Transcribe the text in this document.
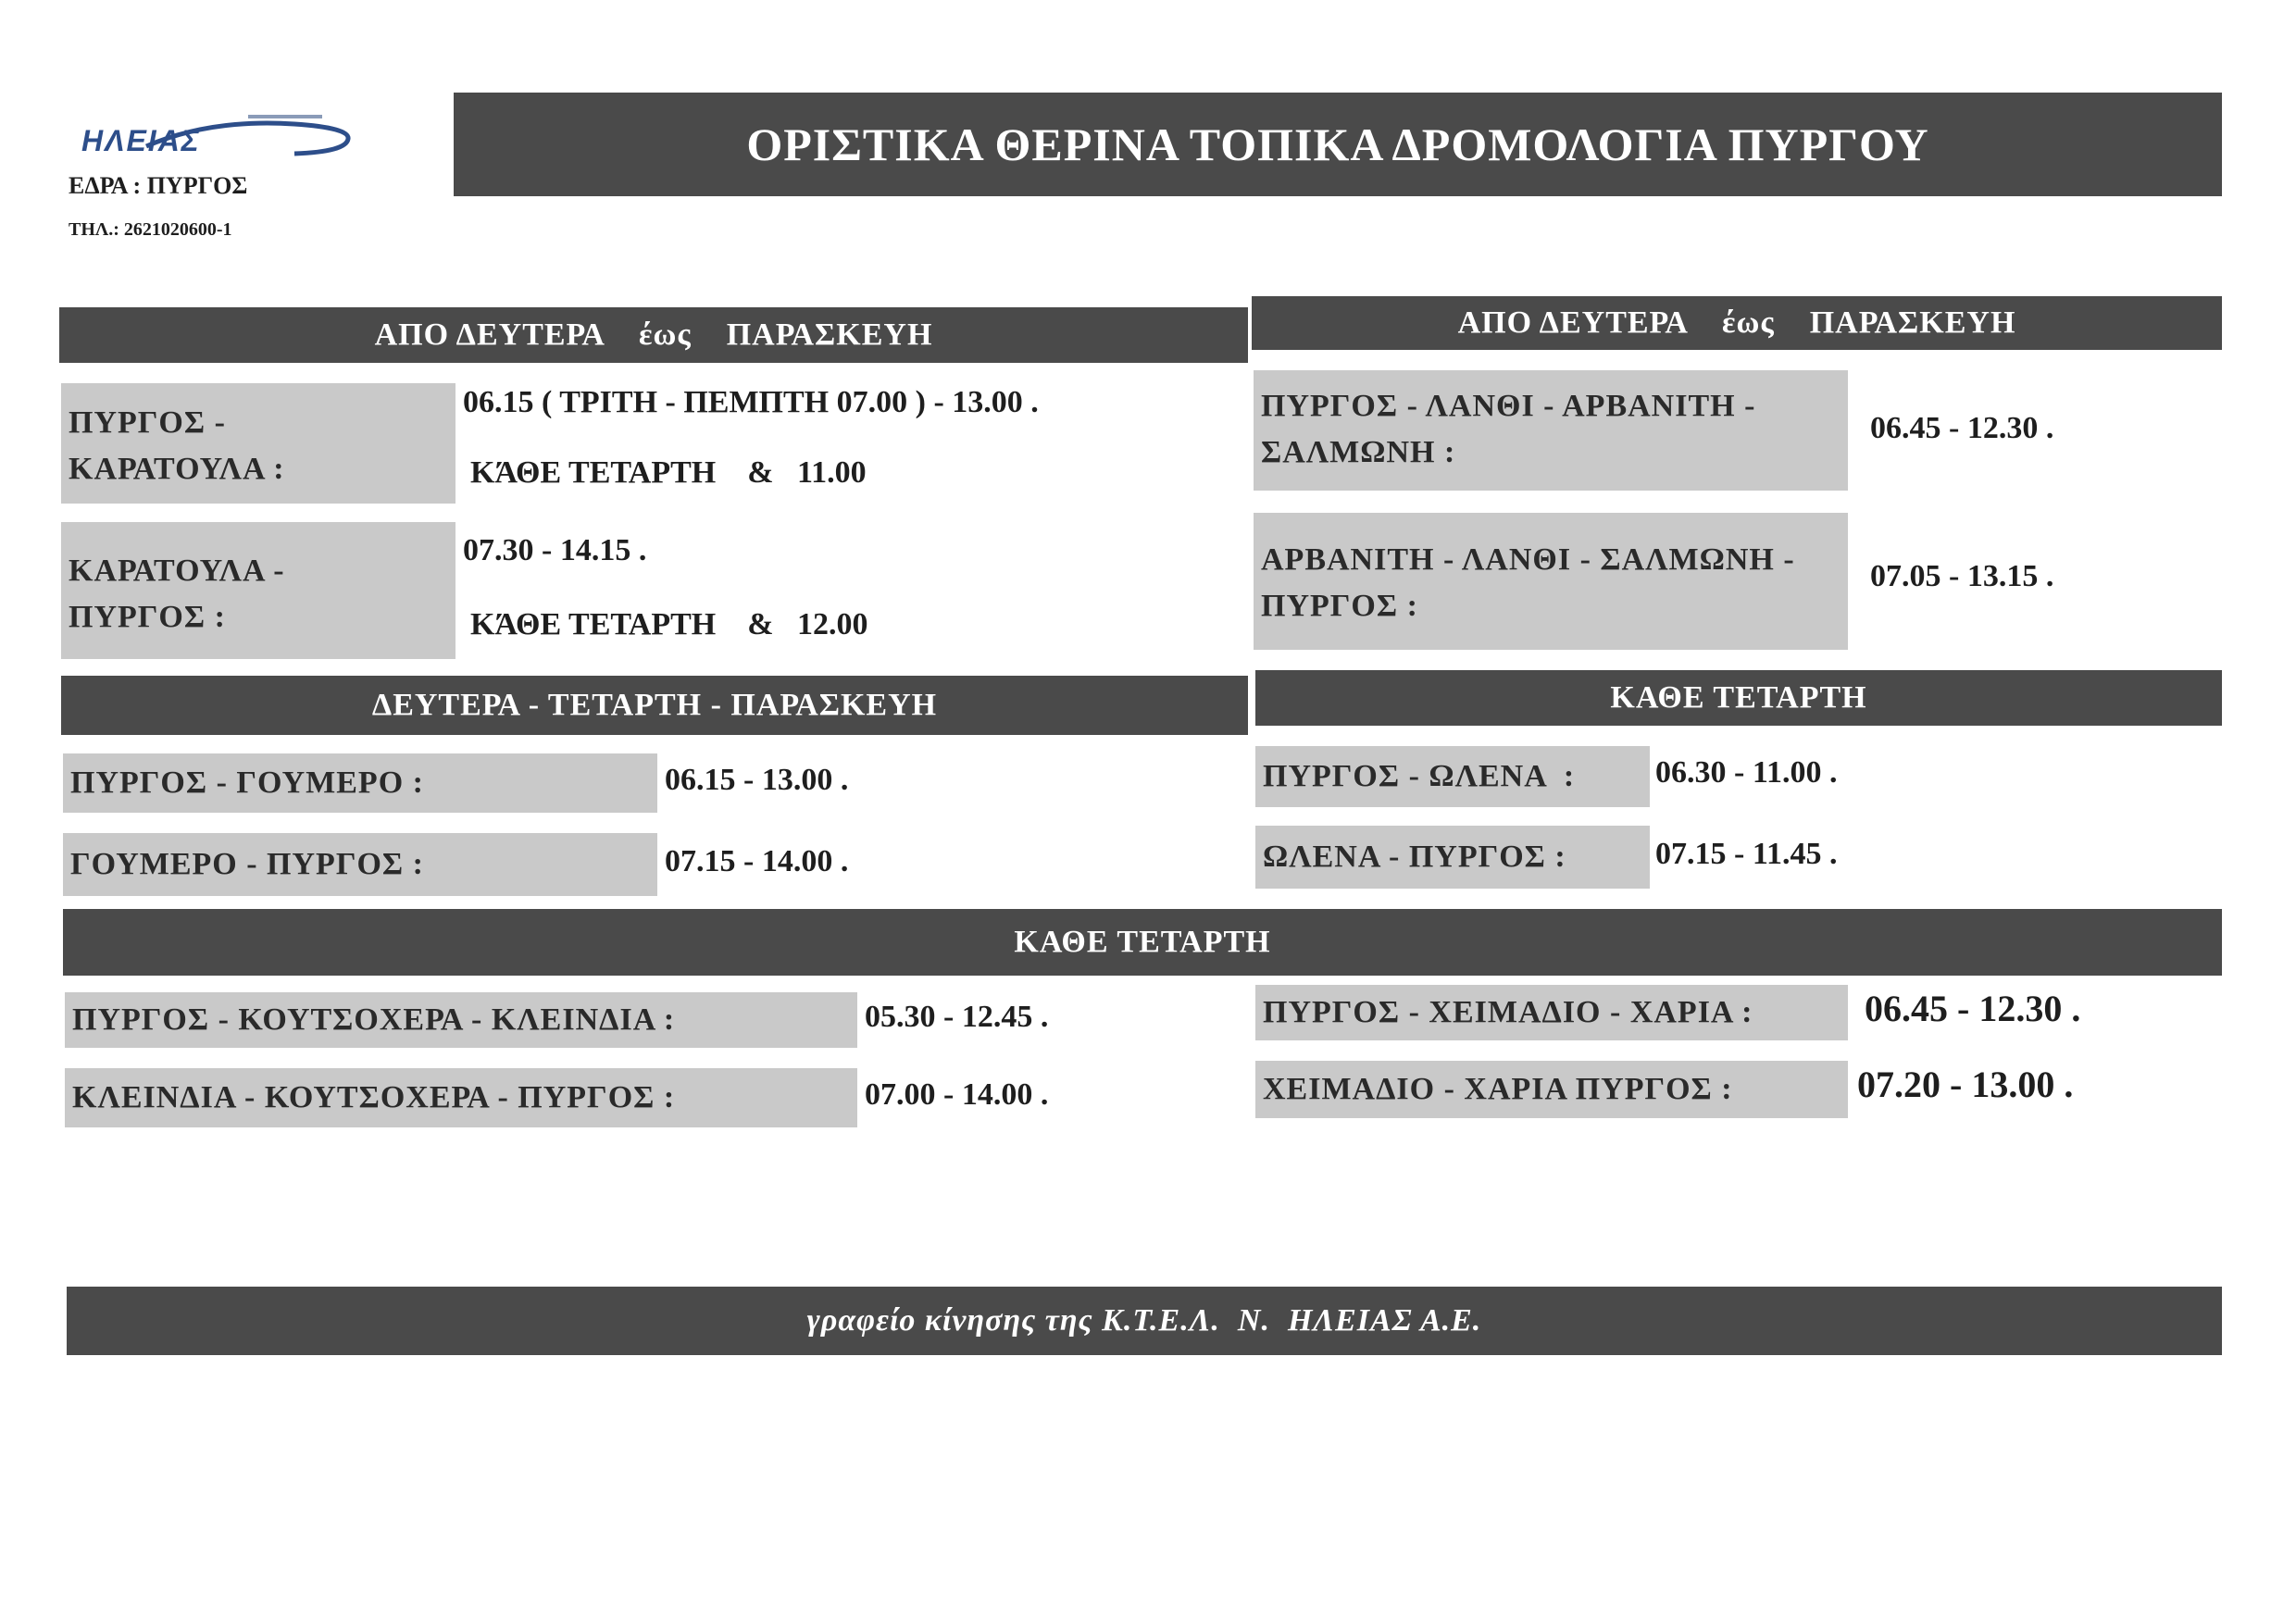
ΗΛΕΙΑΣ
ΕΔΡΑ : ΠΥΡΓΟΣ
ΤΗΛ.: 2621020600-1
ΟΡΙΣΤΙΚΑ ΘΕΡΙΝΑ ΤΟΠΙΚΑ ΔΡΟΜΟΛΟΓΙΑ ΠΥΡΓΟΥ
ΑΠΟ ΔΕΥΤΕΡΑ    έως    ΠΑΡΑΣΚΕΥΗ	ΑΠΟ ΔΕΥΤΕΡΑ    έως    ΠΑΡΑΣΚΕΥΗ
ΠΥΡΓΟΣ -
ΚΑΡΑΤΟΥΛΑ :
06.15 ( ΤΡΙΤΗ - ΠΕΜΠΤΗ 07.00 ) - 13.00 .
ΚΆΘΕ ΤΕΤΑΡΤΗ    &   11.00
ΚΑΡΑΤΟΥΛΑ -
ΠΥΡΓΟΣ :
07.30 - 14.15 .
ΚΆΘΕ ΤΕΤΑΡΤΗ    &   12.00
ΠΥΡΓΟΣ - ΛΑΝΘΙ - ΑΡΒΑΝΙΤΗ -
ΣΑΛΜΩΝΗ :
06.45 - 12.30 .
ΑΡΒΑΝΙΤΗ - ΛΑΝΘΙ - ΣΑΛΜΩΝΗ -
ΠΥΡΓΟΣ :
07.05 - 13.15 .
ΔΕΥΤΕΡΑ - ΤΕΤΑΡΤΗ - ΠΑΡΑΣΚΕΥΗ	ΚΑΘΕ ΤΕΤΑΡΤΗ
ΠΥΡΓΟΣ - ΓΟΥΜΕΡΟ :	06.15 - 13.00 .
ΓΟΥΜΕΡΟ - ΠΥΡΓΟΣ :	07.15 - 14.00 .
ΠΥΡΓΟΣ - ΩΛΕΝΑ  :	06.30 - 11.00 .
ΩΛΕΝΑ - ΠΥΡΓΟΣ :	07.15 - 11.45 .
ΚΑΘΕ ΤΕΤΑΡΤΗ
ΠΥΡΓΟΣ - ΚΟΥΤΣΟΧΕΡΑ - ΚΛΕΙΝΔΙΑ :	05.30 - 12.45 .
ΚΛΕΙΝΔΙΑ - ΚΟΥΤΣΟΧΕΡΑ - ΠΥΡΓΟΣ :	07.00 - 14.00 .
ΠΥΡΓΟΣ - ΧΕΙΜΑΔΙΟ - ΧΑΡΙΑ :	06.45 - 12.30 .
ΧΕΙΜΑΔΙΟ - ΧΑΡΙΑ ΠΥΡΓΟΣ :	07.20 - 13.00 .
γραφείο κίνησης της Κ.Τ.Ε.Λ.  Ν.  ΗΛΕΙΑΣ Α.Ε.
